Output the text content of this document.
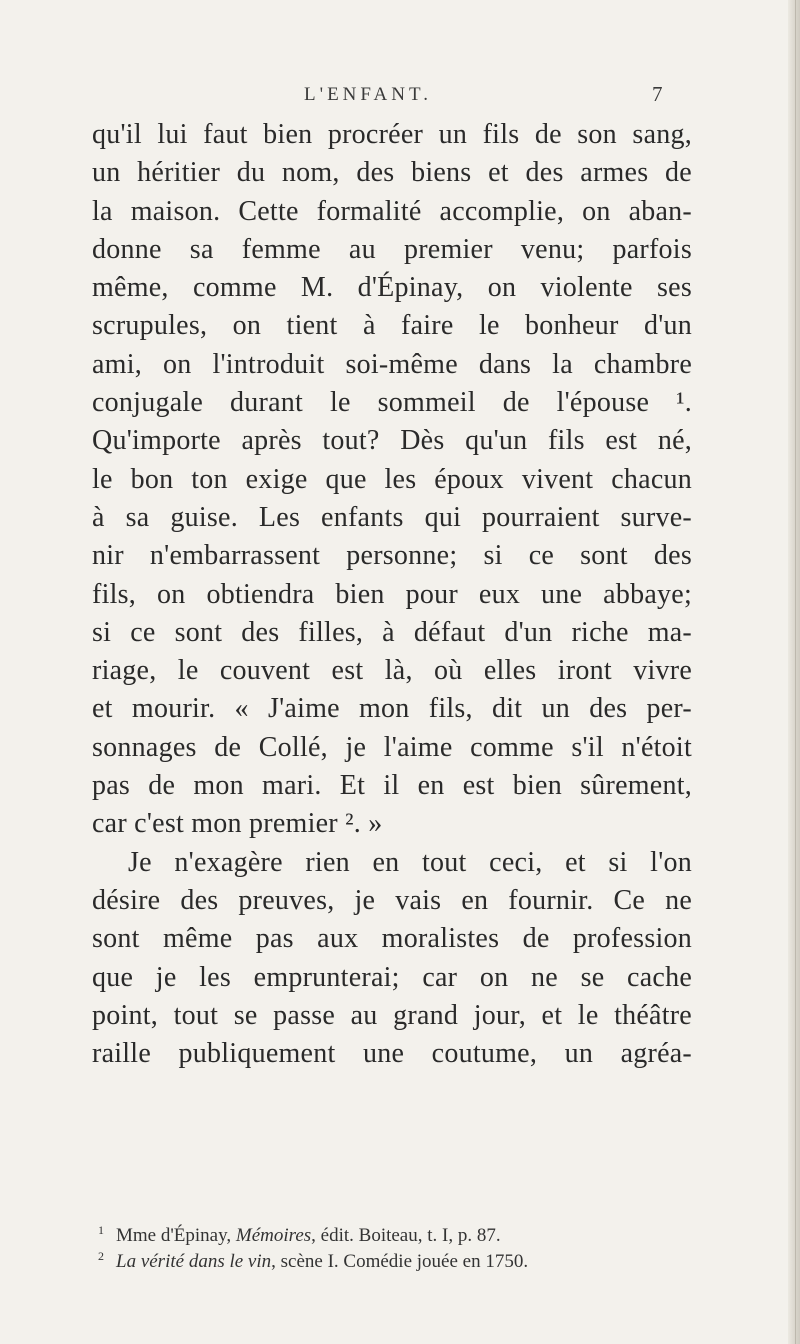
L'ENFANT.	7
qu'il lui faut bien procréer un fils de son sang,
un héritier du nom, des biens et des armes de
la maison. Cette formalité accomplie, on aban-
donne sa femme au premier venu; parfois
même, comme M. d'Épinay, on violente ses
scrupules, on tient à faire le bonheur d'un
ami, on l'introduit soi-même dans la chambre
conjugale durant le sommeil de l'épouse ¹.
Qu'importe après tout? Dès qu'un fils est né,
le bon ton exige que les époux vivent chacun
à sa guise. Les enfants qui pourraient surve-
nir n'embarrassent personne; si ce sont des
fils, on obtiendra bien pour eux une abbaye;
si ce sont des filles, à défaut d'un riche ma-
riage, le couvent est là, où elles iront vivre
et mourir. « J'aime mon fils, dit un des per-
sonnages de Collé, je l'aime comme s'il n'étoit
pas de mon mari. Et il en est bien sûrement,
car c'est mon premier ². »
Je n'exagère rien en tout ceci, et si l'on
désire des preuves, je vais en fournir. Ce ne
sont même pas aux moralistes de profession
que je les emprunterai; car on ne se cache
point, tout se passe au grand jour, et le théâtre
raille publiquement une coutume, un agréa-
1 Mme d'Épinay, Mémoires, édit. Boiteau, t. I, p. 87.
2 La vérité dans le vin, scène I. Comédie jouée en 1750.
